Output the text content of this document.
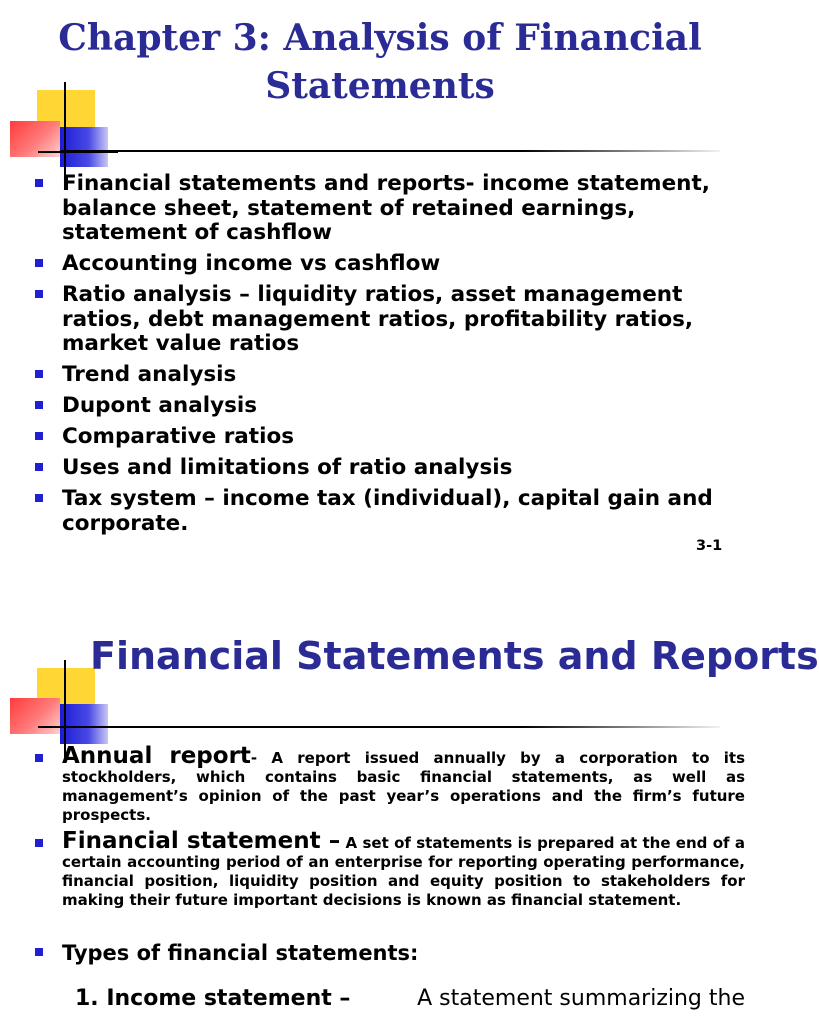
Chapter 3: Analysis of Financial Statements
Financial statements and reports- income statement, balance sheet, statement of retained earnings, statement of cashflow
Accounting income vs cashflow
Ratio analysis – liquidity ratios, asset management ratios, debt management ratios, profitability ratios, market value ratios
Trend analysis
Dupont analysis
Comparative ratios
Uses and limitations of ratio analysis
Tax system – income tax (individual), capital gain and corporate.
3-1
Financial Statements and Reports
Annual report- A report issued annually by a corporation to its stockholders, which contains basic financial statements, as well as management’s opinion of the past year’s operations and the firm’s future prospects.
Financial statement – A set of statements is prepared at the end of a certain accounting period of an enterprise for reporting operating performance, financial position, liquidity position and equity position to stakeholders for making their future important decisions is known as financial statement.
Types of financial statements:
1. Income statement –	A statement summarizing the
